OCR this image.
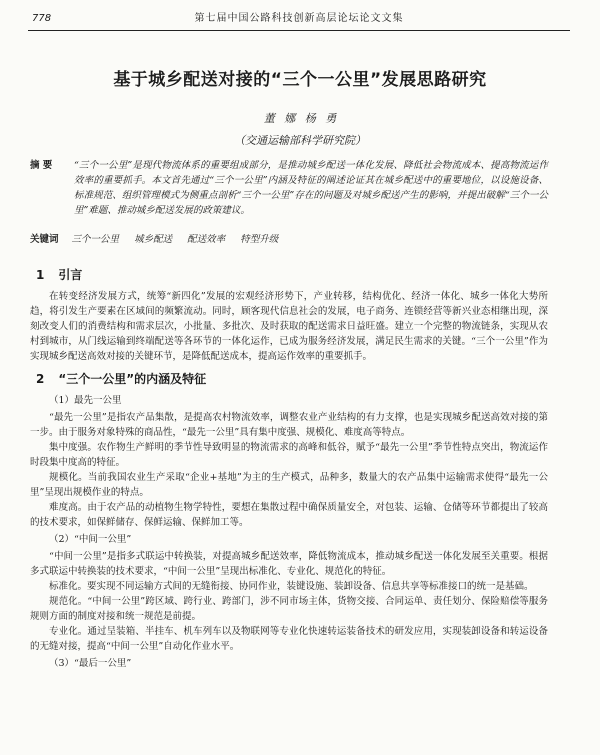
778	第七届中国公路科技创新高层论坛论文文集
基于城乡配送对接的“三个一公里”发展思路研究
董 娜 杨 勇
（交通运输部科学研究院）
摘 要	“三个一公里”是现代物流体系的重要组成部分，是推动城乡配送一体化发展、降低社会物流成本、提高物流运作效率的重要抓手。本文首先通过“三个一公里”内涵及特征的阐述论证其在城乡配送中的重要地位，以设施设备、标准规范、组织管理模式为侧重点剖析“三个一公里”存在的问题及对城乡配送产生的影响，并提出破解“三个一公里”难题、推动城乡配送发展的政策建议。
关键词 三个一公里 城乡配送 配送效率 特型升级
1 引言

在转变经济发展方式，统筹“新四化”发展的宏观经济形势下，产业转移，结构优化、经济一体化、城乡一体化大势所趋，将引发生产要素在区域间的频繁流动。同时，顾客现代信息社会的发展，电子商务、连锁经营等新兴业态相继出现，深刻改变人们的消费结构和需求层次，小批量、多批次、及时获取的配送需求日益旺盛。建立一个完整的物流链条，实现从农村到城市，从门线运输到终端配送等各环节的一体化运作，已成为服务经济发展，满足民生需求的关键。“三个一公里”作为实现城乡配送高效对接的关键环节，是降低配送成本，提高运作效率的重要抓手。

2 “三个一公里”的内涵及特征
（1）最先一公里

“最先一公里”是指农产品集散，是提高农村物流效率，调整农业产业结构的有力支撑，也是实现城乡配送高效对接的第一步。由于服务对象特殊的商品性，“最先一公里”具有集中度强、规模化、难度高等特点。

集中度强。农作物生产鲜明的季节性导致明显的物流需求的高峰和低谷，赋予“最先一公里”季节性特点突出，物流运作时段集中度高的特征。

规模化。当前我国农业生产采取“企业+基地”为主的生产模式，品种多，数量大的农产品集中运输需求使得“最先一公里”呈现出规模作业的特点。

难度高。由于农产品的动植物生物学特性，要想在集散过程中确保质量安全，对包装、运输、仓储等环节都提出了较高的技术要求，如保鲜储存、保鲜运输、保鲜加工等。

（2）“中间一公里”

“中间一公里”是指多式联运中转换装，对提高城乡配送效率，降低物流成本，推动城乡配送一体化发展至关重要。根据多式联运中转换装的技术要求，“中间一公里”呈现出标准化、专业化、规范化的特征。

标准化。要实现不同运输方式间的无缝衔接、协同作业，装键设施、装卸设备、信息共享等标准接口的统一是基础。

规范化。“中间一公里”跨区域、跨行业、跨部门，涉不同市场主体，货物交接、合同运单、责任划分、保险赔偿等服务规则方面的制度对接和统一规范是前提。

专业化。通过呈装箱、半挂车、机车列车以及物联网等专业化快速转运装备技术的研发应用，实现装卸设备和转运设备的无缝对接，提高“中间一公里”自动化作业水平。

（3）“最后一公里”
